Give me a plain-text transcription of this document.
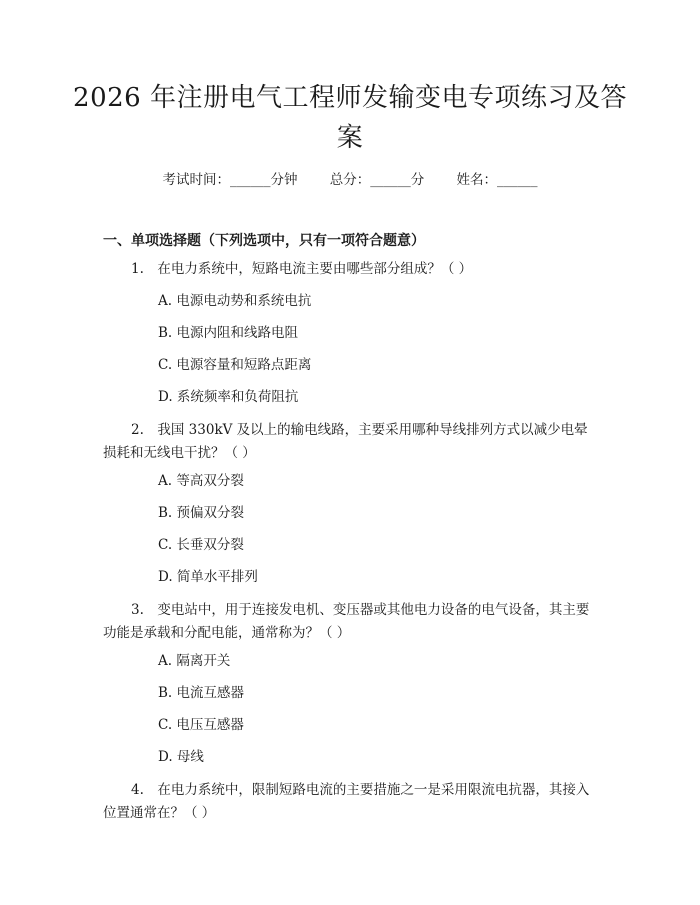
2026 年注册电气工程师发输变电专项练习及答案
考试时间：______分钟 总分：______分 姓名：______
一、单项选择题（下列选项中，只有一项符合题意）
1.　在电力系统中，短路电流主要由哪些部分组成？（ ）
A. 电源电动势和系统电抗
B. 电源内阻和线路电阻
C. 电源容量和短路点距离
D. 系统频率和负荷阻抗
2.　我国 330kV 及以上的输电线路，主要采用哪种导线排列方式以减少电晕损耗和无线电干扰？（ ）
A. 等高双分裂
B. 预偏双分裂
C. 长垂双分裂
D. 简单水平排列
3.　变电站中，用于连接发电机、变压器或其他电力设备的电气设备，其主要功能是承载和分配电能，通常称为？（ ）
A. 隔离开关
B. 电流互感器
C. 电压互感器
D. 母线
4.　在电力系统中，限制短路电流的主要措施之一是采用限流电抗器，其接入位置通常在？（ ）
